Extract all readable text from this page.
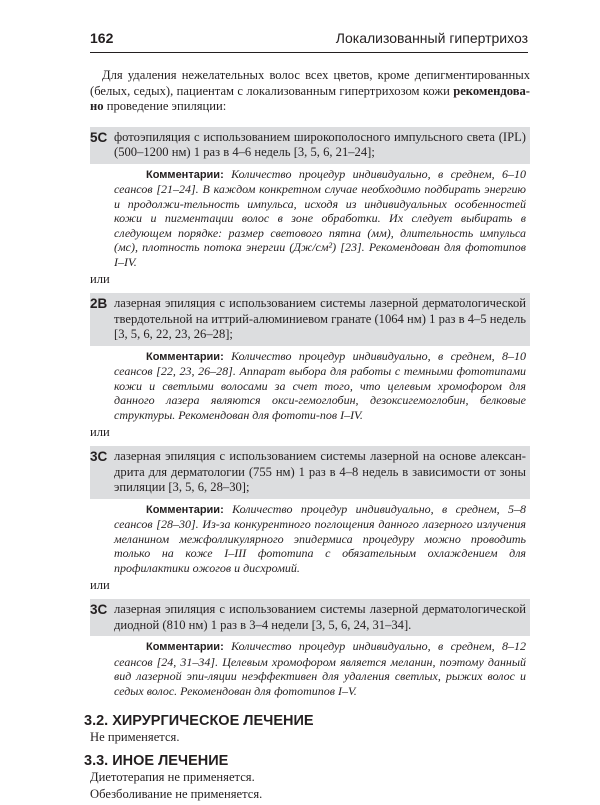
162	Локализованный гипертрихоз

Для удаления нежелательных волос всех цветов, кроме депигментированных (белых, седых), пациентам с локализованным гипертрихозом кожи рекомендова-но проведение эпиляции:

5С фотоэпиляция с использованием широкополосного импульсного света (IPL) (500–1200 нм) 1 раз в 4–6 недель [3, 5, 6, 21–24];
Комментарии: Количество процедур индивидуально, в среднем, 6–10 сеансов [21–24]. В каждом конкретном случае необходимо подбирать энергию и продолжи-тельность импульса, исходя из индивидуальных особенностей кожи и пигментации волос в зоне обработки. Их следует выбирать в следующем порядке: размер светового пятна (мм), длительность импульса (мс), плотность потока энергии (Дж/см²) [23]. Рекомендован для фототипов I–IV.
или
2В лазерная эпиляция с использованием системы лазерной дерматологической твердотельной на иттрий-алюминиевом гранате (1064 нм) 1 раз в 4–5 недель [3, 5, 6, 22, 23, 26–28];
Комментарии: Количество процедур индивидуально, в среднем, 8–10 сеансов [22, 23, 26–28]. Аппарат выбора для работы с темными фототипами кожи и светлыми волосами за счет того, что целевым хромофором для данного лазера являются окси-гемоглобин, дезоксигемоглобин, белковые структуры. Рекомендован для фототи-пов I–IV.
или
3С лазерная эпиляция с использованием системы лазерной на основе алексан-дрита для дерматологии (755 нм) 1 раз в 4–8 недель в зависимости от зоны эпиляции [3, 5, 6, 28–30];
Комментарии: Количество процедур индивидуально, в среднем, 5–8 сеансов [28–30]. Из-за конкурентного поглощения данного лазерного излучения меланином межфолликулярного эпидермиса процедуру можно проводить только на коже I–III фототипа с обязательным охлаждением для профилактики ожогов и дисхромий.
или
3С лазерная эпиляция с использованием системы лазерной дерматологической диодной (810 нм) 1 раз в 3–4 недели [3, 5, 6, 24, 31–34].
Комментарии: Количество процедур индивидуально, в среднем, 8–12 сеансов [24, 31–34]. Целевым хромофором является меланин, поэтому данный вид лазерной эпи-ляции неэффективен для удаления светлых, рыжих волос и седых волос. Рекомендован для фототипов I–V.
3.2. ХИРУРГИЧЕСКОЕ ЛЕЧЕНИЕ
Не применяется.
3.3. ИНОЕ ЛЕЧЕНИЕ
Диетотерапия не применяется.
Обезболивание не применяется.
